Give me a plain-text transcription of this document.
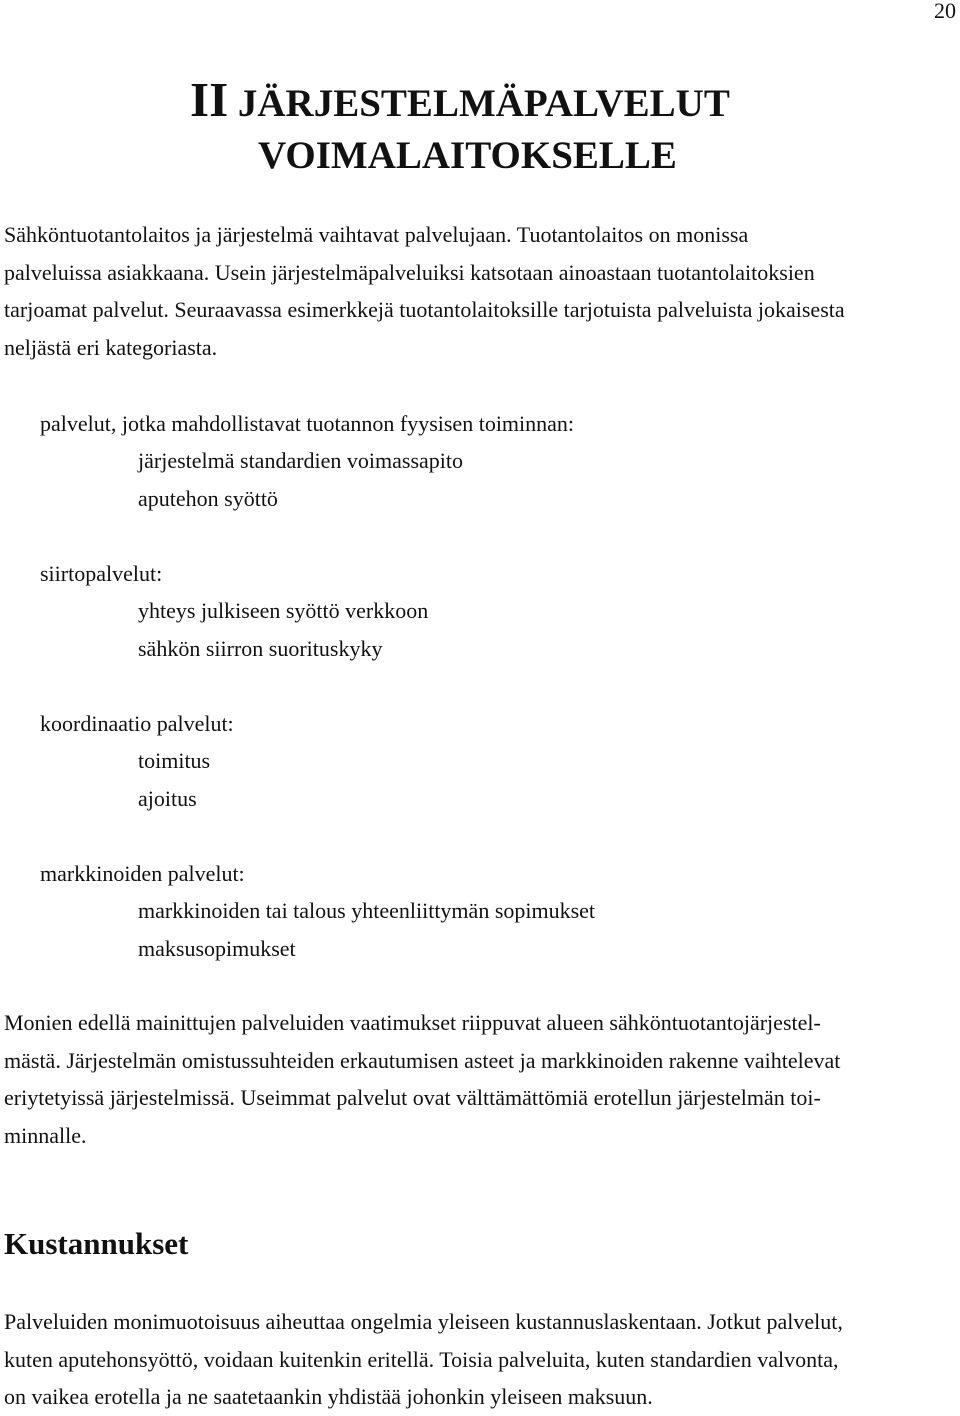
20
II JÄRJESTELMÄPALVELUT
VOIMALAITOKSELLE
Sähköntuotantolaitos ja järjestelmä vaihtavat palvelujaan. Tuotantolaitos on monissa
palveluissa asiakkaana. Usein järjestelmäpalveluiksi katsotaan ainoastaan tuotantolaitoksien
tarjoamat palvelut. Seuraavassa esimerkkejä tuotantolaitoksille tarjotuista palveluista jokaisesta
neljästä eri kategoriasta.
palvelut, jotka mahdollistavat tuotannon fyysisen toiminnan:
järjestelmä standardien voimassapito
aputehon syöttö
siirtopalvelut:
yhteys julkiseen syöttö verkkoon
sähkön siirron suorituskyky
koordinaatio palvelut:
toimitus
ajoitus
markkinoiden palvelut:
markkinoiden tai talous yhteenliittymän sopimukset
maksusopimukset
Monien edellä mainittujen palveluiden vaatimukset riippuvat alueen sähköntuotantojärjestel-
mästä. Järjestelmän omistussuhteiden erkautumisen asteet ja markkinoiden rakenne vaihtelevat
eriytetyissä järjestelmissä. Useimmat palvelut ovat välttämättömiä erotellun järjestelmän toi-
minnalle.
Kustannukset
Palveluiden monimuotoisuus aiheuttaa ongelmia yleiseen kustannuslaskentaan. Jotkut palvelut,
kuten aputehonsyöttö, voidaan kuitenkin eritellä. Toisia palveluita, kuten standardien valvonta,
on vaikea erotella ja ne saatetaankin yhdistää johonkin yleiseen maksuun.
